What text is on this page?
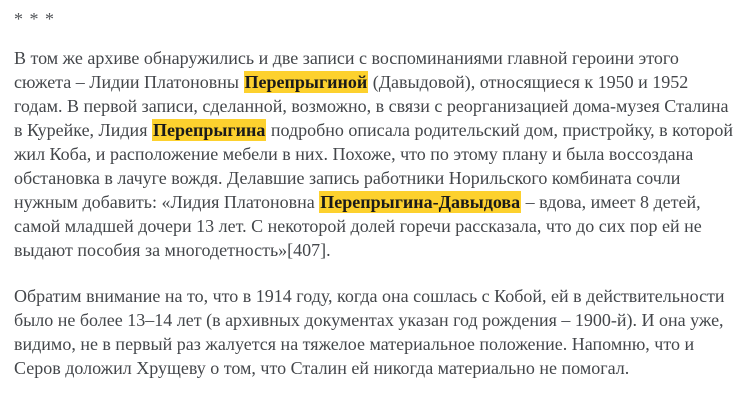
* * *

В том же архиве обнаружились и две записи с воспоминаниями главной героини этого сюжета – Лидии Платоновны Перепрыгиной (Давыдовой), относящиеся к 1950 и 1952 годам. В первой записи, сделанной, возможно, в связи с реорганизацией дома-музея Сталина в Курейке, Лидия Перепрыгина подробно описала родительский дом, пристройку, в которой жил Коба, и расположение мебели в них. Похоже, что по этому плану и была воссоздана обстановка в лачуге вождя. Делавшие запись работники Норильского комбината сочли нужным добавить: «Лидия Платоновна Перепрыгина-Давыдова – вдова, имеет 8 детей, самой младшей дочери 13 лет. С некоторой долей горечи рассказала, что до сих пор ей не выдают пособия за многодетность»[407].

Обратим внимание на то, что в 1914 году, когда она сошлась с Кобой, ей в действительности было не более 13–14 лет (в архивных документах указан год рождения – 1900-й). И она уже, видимо, не в первый раз жалуется на тяжелое материальное положение. Напомню, что и Серов доложил Хрущеву о том, что Сталин ей никогда материально не помогал.
